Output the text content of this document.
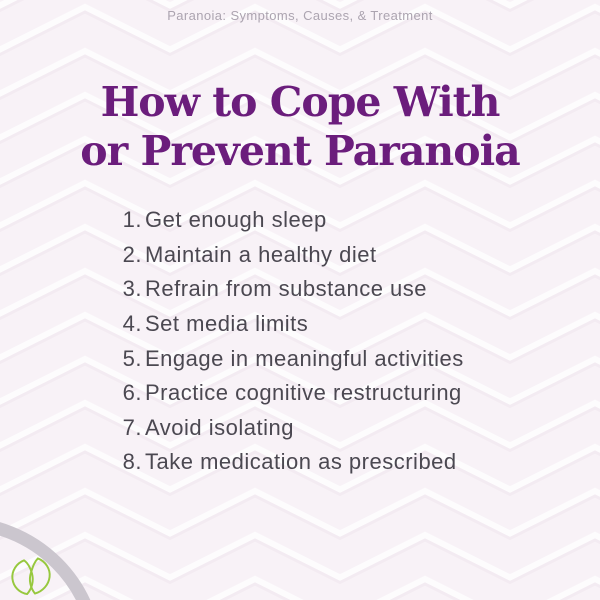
Paranoia: Symptoms, Causes, & Treatment
How to Cope With
or Prevent Paranoia
1. Get enough sleep
2. Maintain a healthy diet
3. Refrain from substance use
4. Set media limits
5. Engage in meaningful activities
6. Practice cognitive restructuring
7. Avoid isolating
8. Take medication as prescribed
